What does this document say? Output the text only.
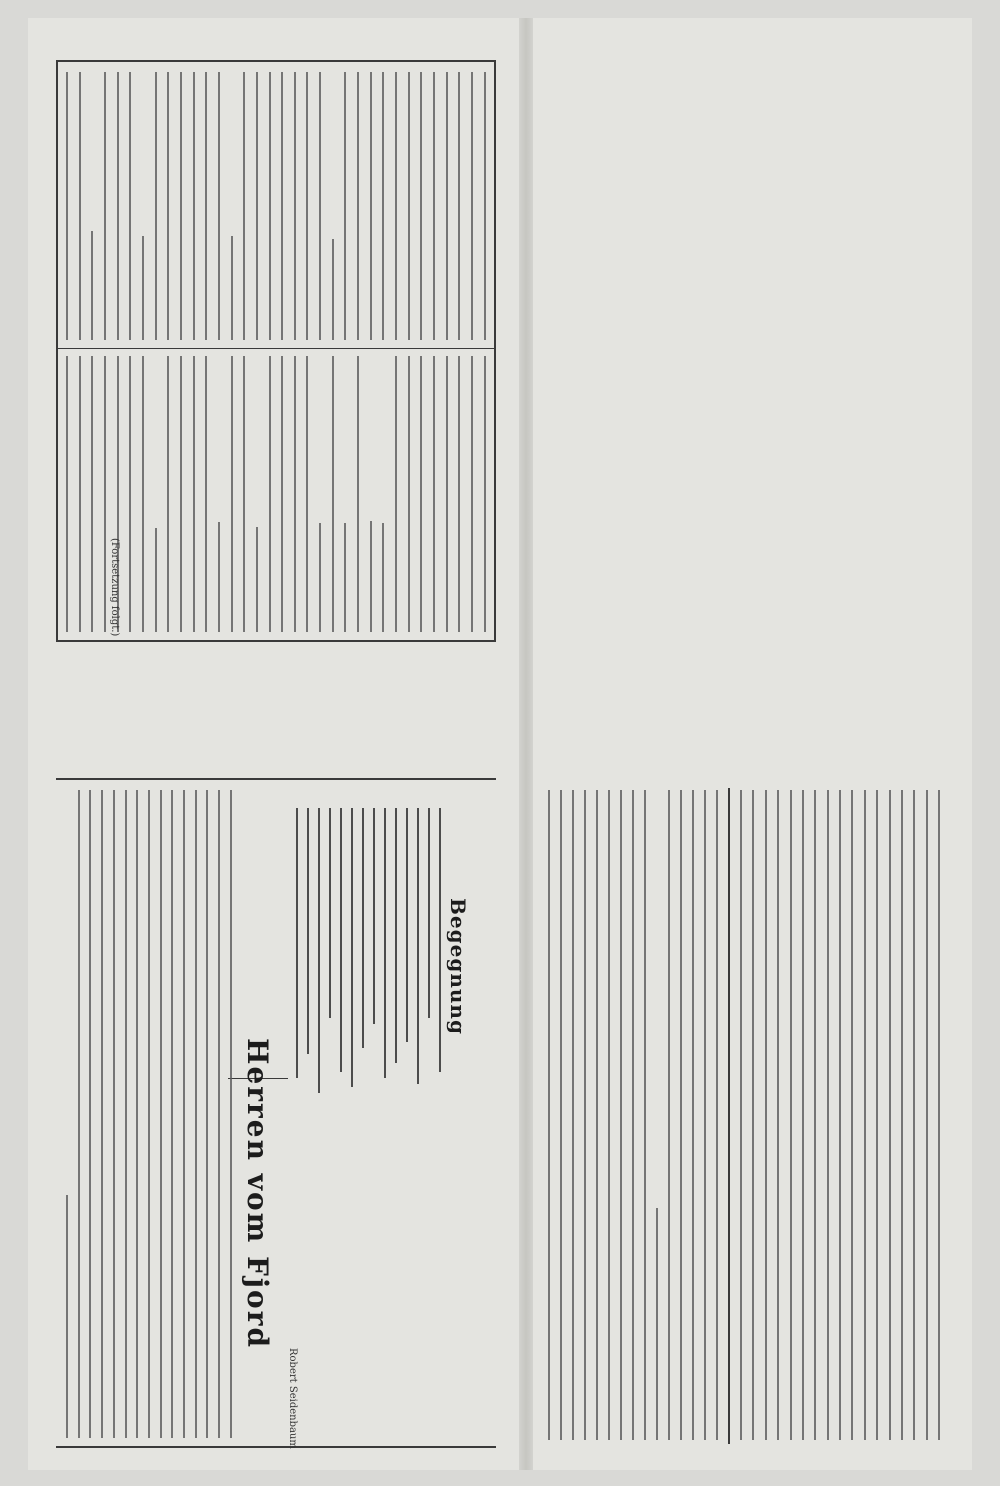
(Fortsetzung folgt.)
Begegnung
Robert Seidenbaum
Herren vom Fjord
